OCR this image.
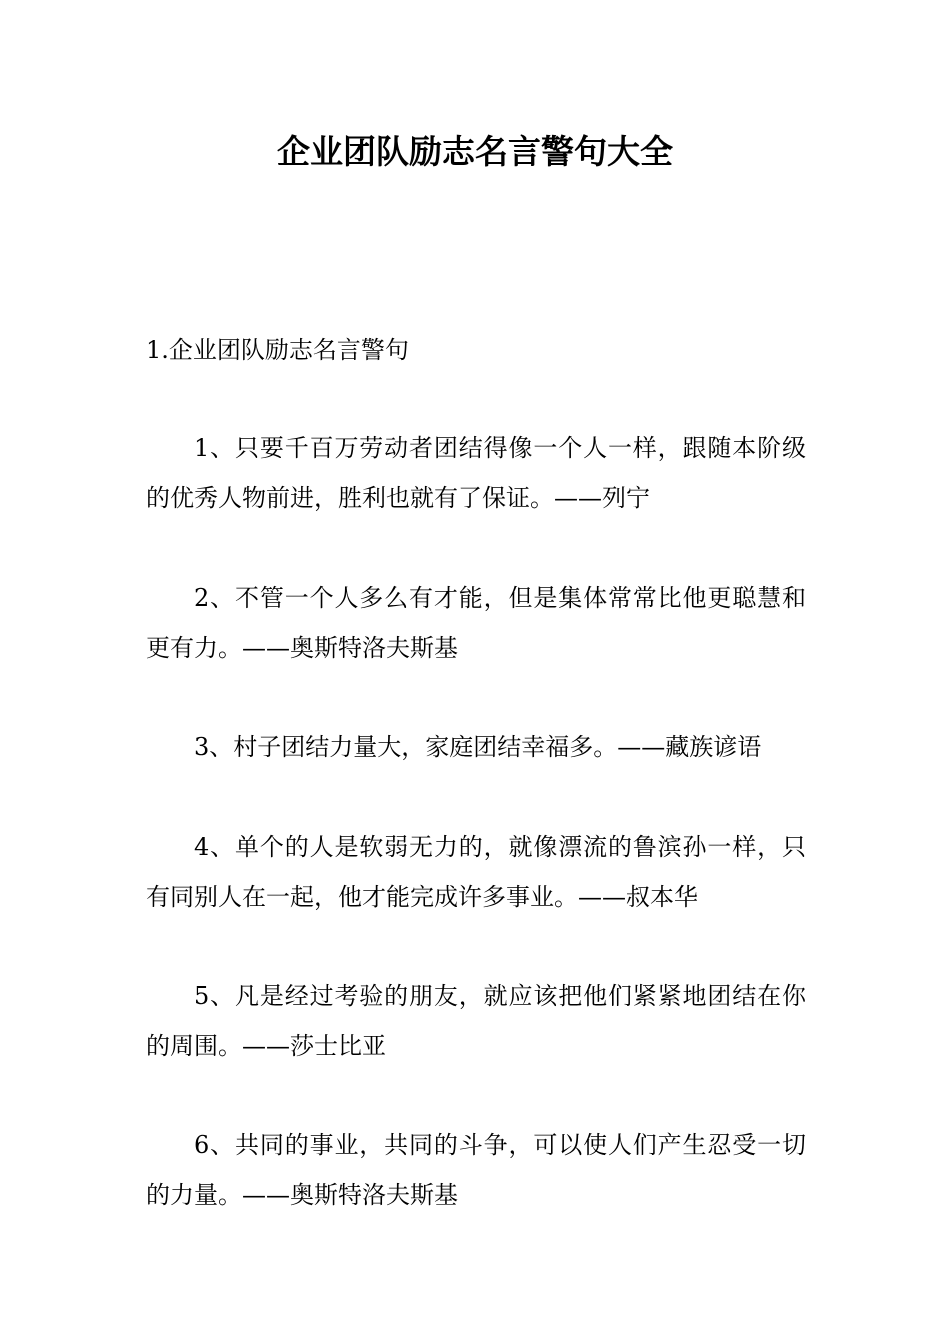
企业团队励志名言警句大全

1.企业团队励志名言警句

1、只要千百万劳动者团结得像一个人一样，跟随本阶级的优秀人物前进，胜利也就有了保证。——列宁

2、不管一个人多么有才能，但是集体常常比他更聪慧和更有力。——奥斯特洛夫斯基

3、村子团结力量大，家庭团结幸福多。——藏族谚语

4、单个的人是软弱无力的，就像漂流的鲁滨孙一样，只有同别人在一起，他才能完成许多事业。——叔本华

5、凡是经过考验的朋友，就应该把他们紧紧地团结在你的周围。——莎士比亚

6、共同的事业，共同的斗争，可以使人们产生忍受一切的力量。——奥斯特洛夫斯基
